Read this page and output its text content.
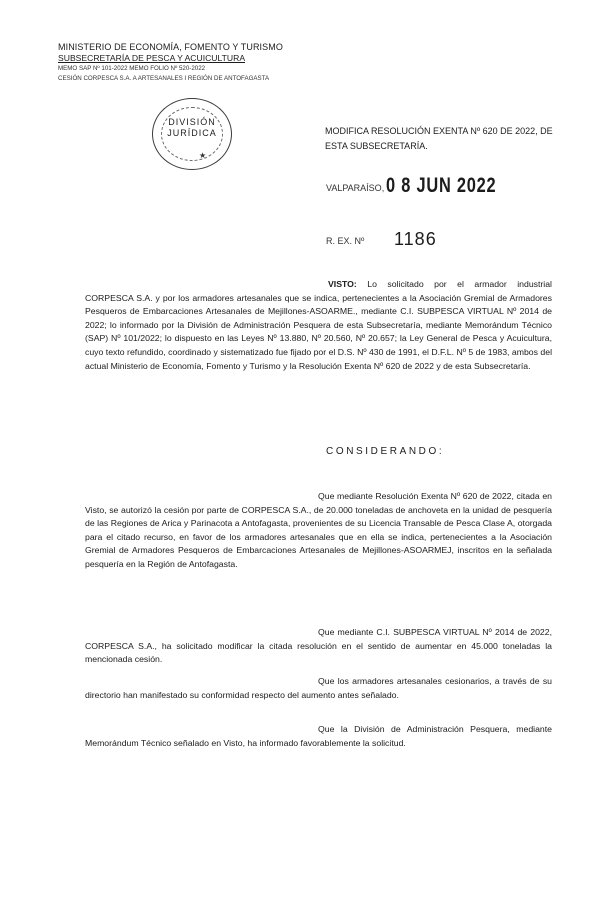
MINISTERIO DE ECONOMÍA, FOMENTO Y TURISMO
SUBSECRETARÍA DE PESCA Y ACUICULTURA
MEMO SAP Nº 101-2022 MEMO FOLIO Nº 520-2022
CESIÓN CORPESCA S.A. A ARTESANALES I REGIÓN DE ANTOFAGASTA
DIVISIÓN
JURÍDICA
★
MODIFICA RESOLUCIÓN EXENTA Nº 620 DE 2022, DE ESTA SUBSECRETARÍA.
VALPARAÍSO, 0 8 JUN 2022
R. EX. Nº 1186
VISTO: Lo solicitado por el armador industrial CORPESCA S.A. y por los armadores artesanales que se indica, pertenecientes a la Asociación Gremial de Armadores Pesqueros de Embarcaciones Artesanales de Mejillones-ASOARME., mediante C.I. SUBPESCA VIRTUAL Nº 2014 de 2022; lo informado por la División de Administración Pesquera de esta Subsecretaría, mediante Memorándum Técnico (SAP) Nº 101/2022; lo dispuesto en las Leyes Nº 13.880, Nº 20.560, Nº 20.657; la Ley General de Pesca y Acuicultura, cuyo texto refundido, coordinado y sistematizado fue fijado por el D.S. Nº 430 de 1991, el D.F.L. Nº 5 de 1983, ambos del actual Ministerio de Economía, Fomento y Turismo y la Resolución Exenta Nº 620 de 2022 y de esta Subsecretaría.
CONSIDERANDO:
Que mediante Resolución Exenta Nº 620 de 2022, citada en Visto, se autorizó la cesión por parte de CORPESCA S.A., de 20.000 toneladas de anchoveta en la unidad de pesquería de las Regiones de Arica y Parinacota a Antofagasta, provenientes de su Licencia Transable de Pesca Clase A, otorgada para el citado recurso, en favor de los armadores artesanales que en ella se indica, pertenecientes a la Asociación Gremial de Armadores Pesqueros de Embarcaciones Artesanales de Mejillones-ASOARMEJ, inscritos en la señalada pesquería en la Región de Antofagasta.
Que mediante C.I. SUBPESCA VIRTUAL Nº 2014 de 2022, CORPESCA S.A., ha solicitado modificar la citada resolución en el sentido de aumentar en 45.000 toneladas la mencionada cesión.
Que los armadores artesanales cesionarios, a través de su directorio han manifestado su conformidad respecto del aumento antes señalado.
Que la División de Administración Pesquera, mediante Memorándum Técnico señalado en Visto, ha informado favorablemente la solicitud.
